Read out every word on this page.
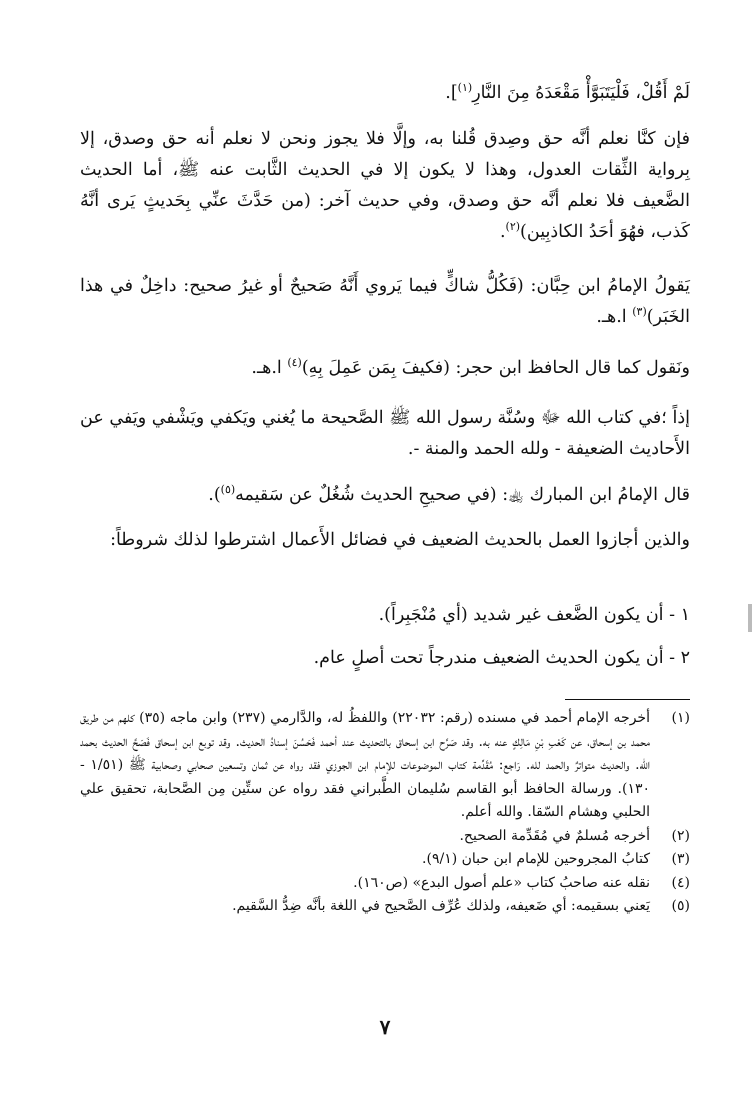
لَمْ أَقُلْ، فَلْيَتَبَوَّأْ مَقْعَدَهُ مِنَ النَّارِ$^{(١)}$].

فإن كنَّا نعلم أنَّه حق وصِدق قُلنا به، وإلَّا فلا يجوز ونحن لا نعلم أنه حق وصدق، إلا بِرواية الثِّقات العدول، وهذا لا يكون إلا في الحديث الثَّابت عنه ﷺ، أما الحديث الضَّعيف فلا نعلم أنَّه حق وصدق، وفي حديث آخر: (من حَدَّثَ عنِّي بِحَديثٍ يَرى أنَّهُ كَذب، فهُوَ أحَدُ الكاذبِين)$^{(٢)}$.

يَقولُ الإمامُ ابن حِبَّان: (فَكُلُّ شاكٍّ فيما يَروي أَنَّهُ صَحيحٌ أو غيرُ صحيح: داخِلٌ في هذا الخَبَر)$^{(٣)}$ ا.هـ.

ونَقول كما قال الحافظ ابن حجر: (فكيفَ بِمَن عَمِلَ بِهِ)$^{(٤)}$ ا.هـ.

إذاً ؛في كتاب الله ﷻ وسُنَّة رسول الله ﷺ الصَّحيحة ما يُغني ويَكفي ويَشْفي ويَفي عن الأَحاديث الضعيفة - ولله الحمد والمنة -.

قال الإمامُ ابن المبارك ﵀: (في صحيحِ الحديث شُغُلٌ عن سَقيمه$^{(٥)}$).

والذين أجازوا العمل بالحديث الضعيف في فضائل الأَعمال اشترطوا لذلك شروطاً:

١ - أن يكون الضَّعف غير شديد (أي مُنْجَبِراً).

٢ - أن يكون الحديث الضعيف مندرجاً تحت أصلٍ عام.

(١)
أخرجه الإمام أحمد في مسنده (رقم: ٢٢٠٣٢) واللفظُ له، والدَّارمي (٢٣٧) وابن ماجه (٣٥) كلهم من طريق محمد بن إسحاق، عن كَعْبِ بْنِ مَالِكٍ عنه به. وقد صَرَّح ابن إسحاق بالتحديث عند أحمد فَحَسُنَ إسنادُ الحديث. وقد توبع ابن إسحاق فَصَحَّ الحديث بحمد الله. والحديث متواترٌ والحمد لله. رَاجع: مُقَدِّمة كتاب الموضوعات للإمام ابن الجوزي فقد رواه عن ثمان وتسعين صحابي وصحابية ﷺ (١/٥١ - ١٣٠). ورسالة الحافظ أبو القاسم سُليمان الطَّبراني فقد رواه عن ستِّين مِن الصَّحابة، تحقيق علي الحلبي وهشام السّقا. والله أعلم.
(٢)
أخرجه مُسلمٌ في مُقَدِّمة الصحيح.
(٣)
كتابُ المجروحين للإمام ابن حبان (٩/١).
(٤)
نقله عنه صاحبُ كتاب «علم أصول البدع» (ص١٦٠).
(٥)
يَعني بسقيمه: أي ضَعيفه، ولذلك عُرِّف الصَّحيح في اللغة بأنَّه ضِدُّ السَّقيم.
٧
